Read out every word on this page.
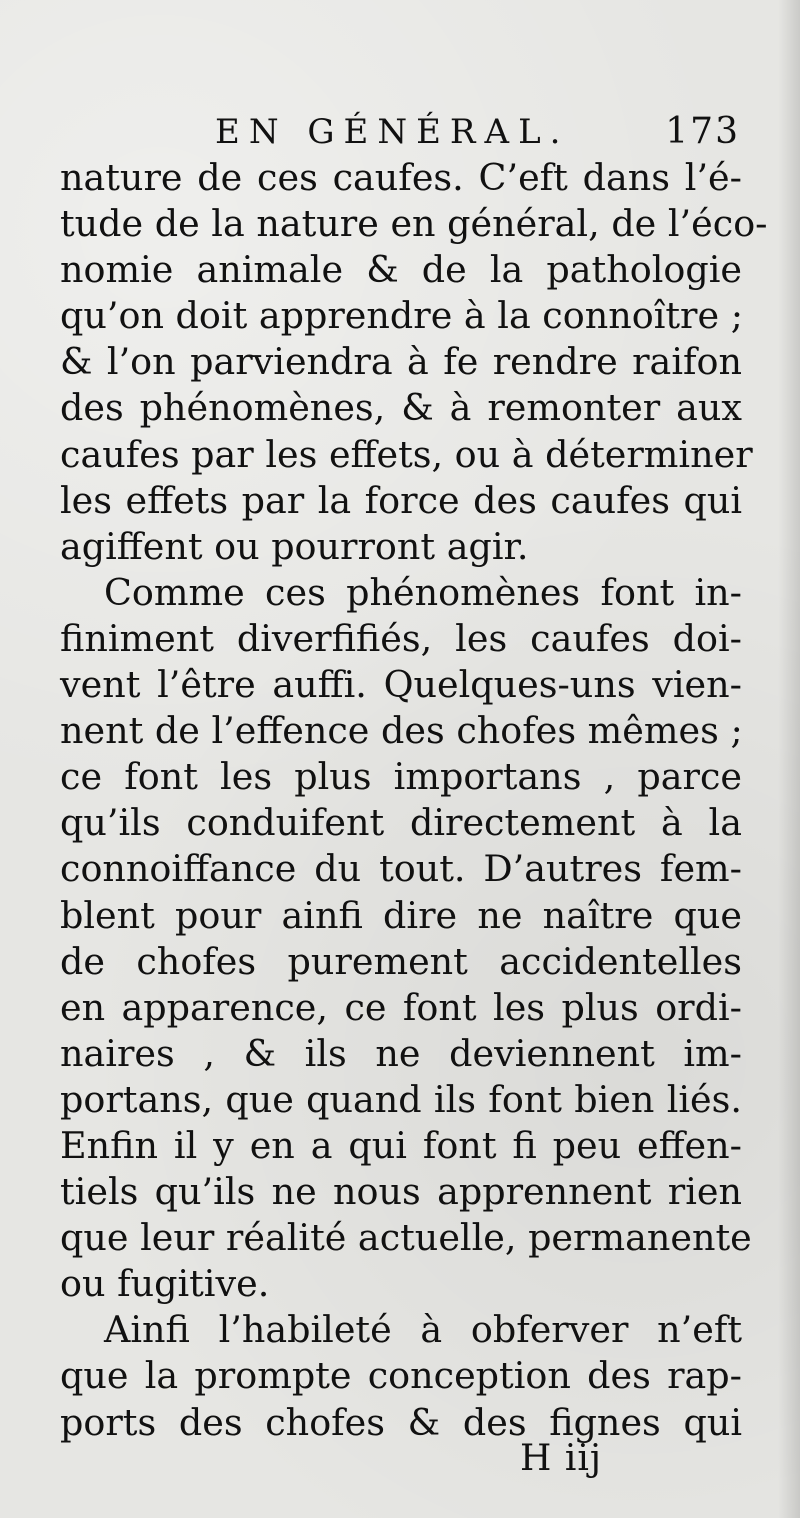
EN GÉNÉRAL.	173
nature de ces caufes. C’eft dans l’é-
tude de la nature en général, de l’éco-
nomie animale & de la pathologie
qu’on doit apprendre à la connoître ;
& l’on parviendra à fe rendre raifon
des phénomènes, & à remonter aux
caufes par les effets, ou à déterminer
les effets par la force des caufes qui
agiffent ou pourront agir.
Comme ces phénomènes font in-
finiment diverfifiés, les caufes doi-
vent l’être auffi. Quelques-uns vien-
nent de l’effence des chofes mêmes ;
ce font les plus importans , parce
qu’ils conduifent directement à la
connoiffance du tout. D’autres fem-
blent pour ainfi dire ne naître que
de chofes purement accidentelles
en apparence, ce font les plus ordi-
naires , & ils ne deviennent im-
portans, que quand ils font bien liés.
Enfin il y en a qui font fi peu effen-
tiels qu’ils ne nous apprennent rien
que leur réalité actuelle, permanente
ou fugitive.
Ainfi l’habileté à obferver n’eft
que la prompte conception des rap-
ports des chofes & des fignes qui
H iij
